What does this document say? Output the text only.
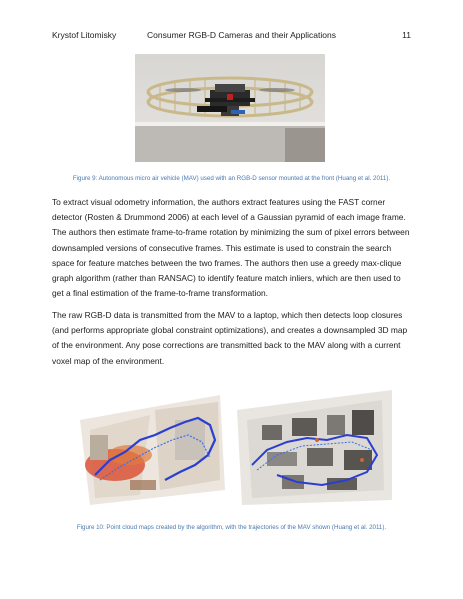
Krystof Litomisky	Consumer RGB-D Cameras and their Applications	11
Figure 9: Autonomous micro air vehicle (MAV) used with an RGB-D sensor mounted at the front (Huang et al. 2011).

To extract visual odometry information, the authors extract features using the FAST corner detector (Rosten & Drummond 2006) at each level of a Gaussian pyramid of each image frame. The authors then estimate frame-to-frame rotation by minimizing the sum of pixel errors between downsampled versions of consecutive frames. This estimate is used to constrain the search space for feature matches between the two frames. The authors then use a greedy max-clique graph algorithm (rather than RANSAC) to identify feature match inliers, which are then used to get a final estimation of the frame-to-frame transformation.

The raw RGB-D data is transmitted from the MAV to a laptop, which then detects loop closures (and performs appropriate global constraint optimizations), and creates a downsampled 3D map of the environment. Any pose corrections are transmitted back to the MAV along with a current voxel map of the environment.

Figure 10: Point cloud maps created by the algorithm, with the trajectories of the MAV shown (Huang et al. 2011).
